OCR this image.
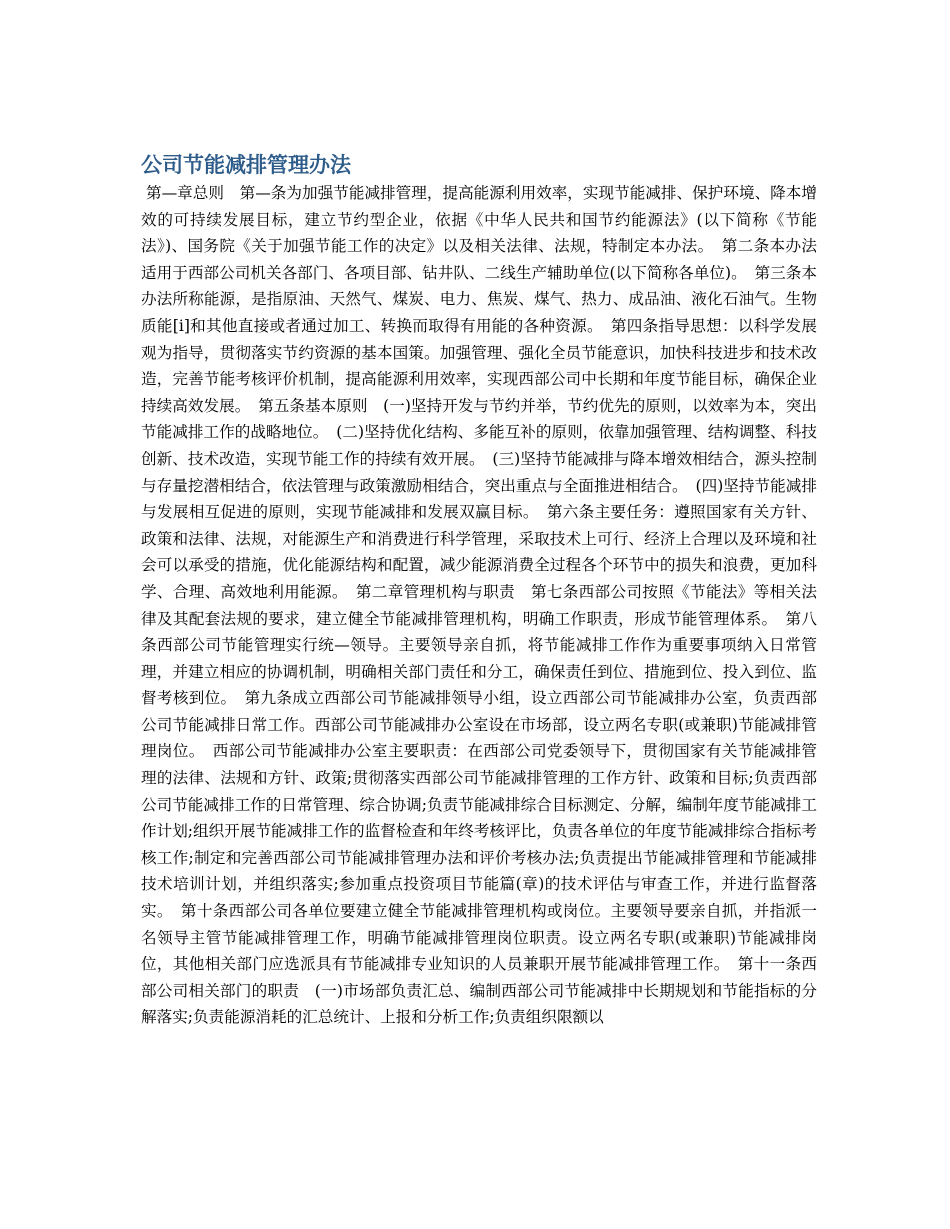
公司节能减排管理办法

第—章总则　第—条为加强节能减排管理，提高能源利用效率，实现节能减排、保护环境、降本增效的可持续发展目标，建立节约型企业，依据《中华人民共和国节约能源法》(以下简称《节能法》)、国务院《关于加强节能工作的决定》以及相关法律、法规，特制定本办法。　第二条本办法适用于西部公司机关各部门、各项目部、钻井队、二线生产辅助单位(以下简称各单位)。　第三条本办法所称能源，是指原油、天然气、煤炭、电力、焦炭、煤气、热力、成品油、液化石油气。生物质能[i]和其他直接或者通过加工、转换而取得有用能的各种资源。　第四条指导思想：以科学发展观为指导，贯彻落实节约资源的基本国策。加强管理、强化全员节能意识，加快科技进步和技术改造，完善节能考核评价机制，提高能源利用效率，实现西部公司中长期和年度节能目标，确保企业持续高效发展。　第五条基本原则　(一)坚持开发与节约并举，节约优先的原则，以效率为本，突出节能减排工作的战略地位。　(二)坚持优化结构、多能互补的原则，依靠加强管理、结构调整、科技创新、技术改造，实现节能工作的持续有效开展。　(三)坚持节能减排与降本增效相结合，源头控制与存量挖潜相结合，依法管理与政策激励相结合，突出重点与全面推进相结合。　(四)坚持节能减排与发展相互促进的原则，实现节能减排和发展双赢目标。　第六条主要任务：遵照国家有关方针、政策和法律、法规，对能源生产和消费进行科学管理，采取技术上可行、经济上合理以及环境和社会可以承受的措施，优化能源结构和配置，减少能源消费全过程各个环节中的损失和浪费，更加科学、合理、高效地利用能源。　第二章管理机构与职责　第七条西部公司按照《节能法》等相关法律及其配套法规的要求，建立健全节能减排管理机构，明确工作职责，形成节能管理体系。　第八条西部公司节能管理实行统—领导。主要领导亲自抓，将节能减排工作作为重要事项纳入日常管理，并建立相应的协调机制，明确相关部门责任和分工，确保责任到位、措施到位、投入到位、监督考核到位。　第九条成立西部公司节能减排领导小组，设立西部公司节能减排办公室，负责西部公司节能减排日常工作。西部公司节能减排办公室设在市场部，设立两名专职(或兼职)节能减排管理岗位。　西部公司节能减排办公室主要职责：在西部公司党委领导下，贯彻国家有关节能减排管理的法律、法规和方针、政策;贯彻落实西部公司节能减排管理的工作方针、政策和目标;负责西部公司节能减排工作的日常管理、综合协调;负责节能减排综合目标测定、分解，编制年度节能减排工作计划;组织开展节能减排工作的监督检查和年终考核评比，负责各单位的年度节能减排综合指标考核工作;制定和完善西部公司节能减排管理办法和评价考核办法;负责提出节能减排管理和节能减排技术培训计划，并组织落实;参加重点投资项目节能篇(章)的技术评估与审查工作，并进行监督落实。　第十条西部公司各单位要建立健全节能减排管理机构或岗位。主要领导要亲自抓，并指派一名领导主管节能减排管理工作，明确节能减排管理岗位职责。设立两名专职(或兼职)节能减排岗位，其他相关部门应选派具有节能减排专业知识的人员兼职开展节能减排管理工作。　第十一条西部公司相关部门的职责　(一)市场部负责汇总、编制西部公司节能减排中长期规划和节能指标的分解落实;负责能源消耗的汇总统计、上报和分析工作;负责组织限额以
